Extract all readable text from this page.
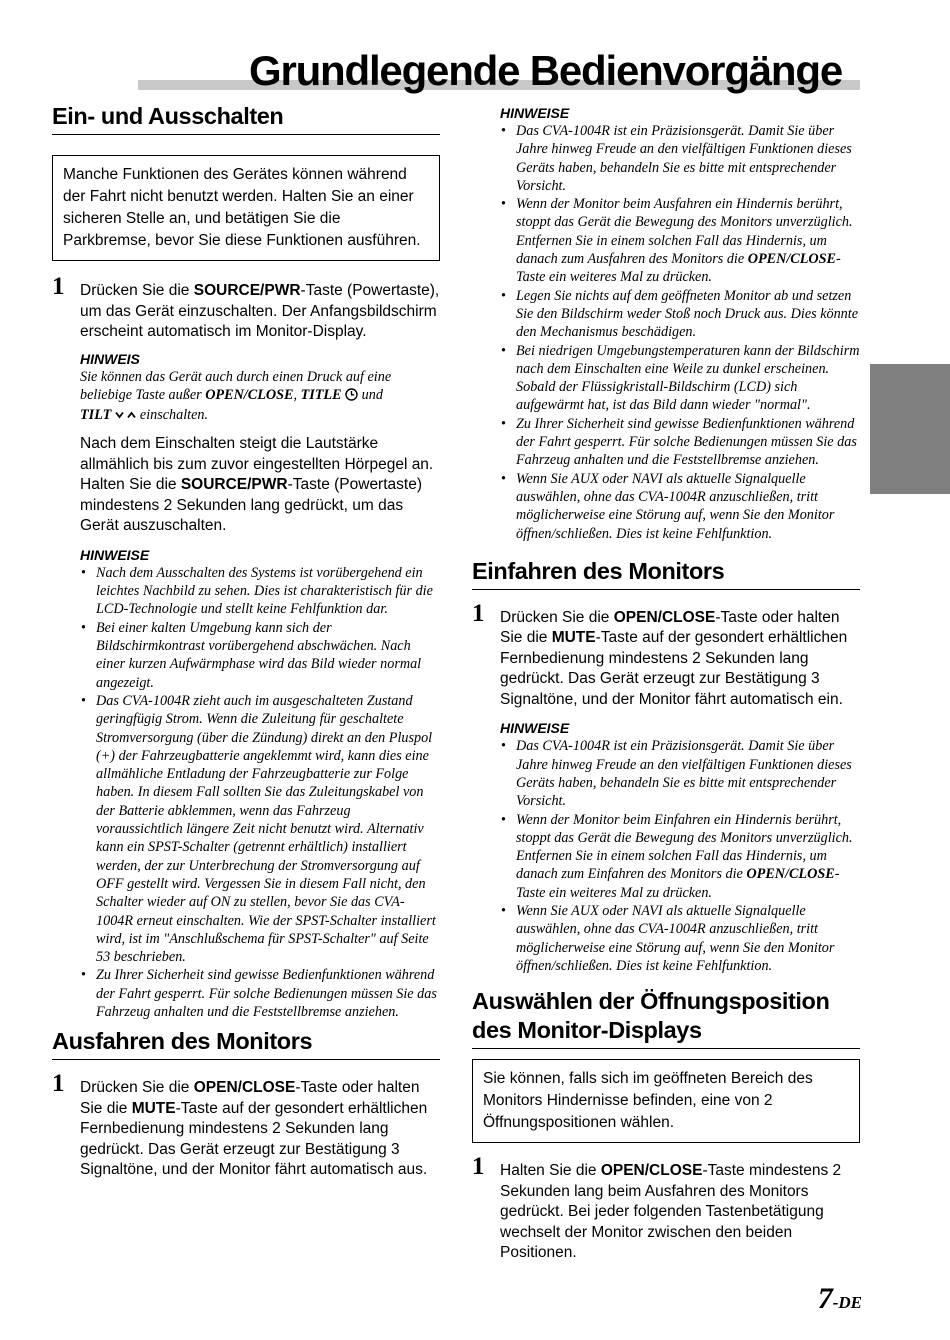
Grundlegende Bedienvorgänge
Ein- und Ausschalten
Manche Funktionen des Gerätes können während der Fahrt nicht benutzt werden. Halten Sie an einer sicheren Stelle an, und betätigen Sie die Parkbremse, bevor Sie diese Funktionen ausführen.
1 Drücken Sie die SOURCE/PWR-Taste (Powertaste), um das Gerät einzuschalten. Der Anfangsbildschirm erscheint automatisch im Monitor-Display.
HINWEIS
Sie können das Gerät auch durch einen Druck auf eine beliebige Taste außer OPEN/CLOSE, TITLE  und
TILT   einschalten.
Nach dem Einschalten steigt die Lautstärke allmählich bis zum zuvor eingestellten Hörpegel an. Halten Sie die SOURCE/PWR-Taste (Powertaste) mindestens 2 Sekunden lang gedrückt, um das Gerät auszuschalten.
HINWEISE
• Nach dem Ausschalten des Systems ist vorübergehend ein leichtes Nachbild zu sehen. Dies ist charakteristisch für die LCD-Technologie und stellt keine Fehlfunktion dar.
• Bei einer kalten Umgebung kann sich der Bildschirmkontrast vorübergehend abschwächen. Nach einer kurzen Aufwärmphase wird das Bild wieder normal angezeigt.
• Das CVA-1004R zieht auch im ausgeschalteten Zustand geringfügig Strom. Wenn die Zuleitung für geschaltete Stromversorgung (über die Zündung) direkt an den Pluspol (+) der Fahrzeugbatterie angeklemmt wird, kann dies eine allmähliche Entladung der Fahrzeugbatterie zur Folge haben. In diesem Fall sollten Sie das Zuleitungskabel von der Batterie abklemmen, wenn das Fahrzeug voraussichtlich längere Zeit nicht benutzt wird. Alternativ kann ein SPST-Schalter (getrennt erhältlich) installiert werden, der zur Unterbrechung der Stromversorgung auf OFF gestellt wird. Vergessen Sie in diesem Fall nicht, den Schalter wieder auf ON zu stellen, bevor Sie das CVA-1004R erneut einschalten. Wie der SPST-Schalter installiert wird, ist im "Anschlußschema für SPST-Schalter" auf Seite 53 beschrieben.
• Zu Ihrer Sicherheit sind gewisse Bedienfunktionen während der Fahrt gesperrt. Für solche Bedienungen müssen Sie das Fahrzeug anhalten und die Feststellbremse anziehen.
Ausfahren des Monitors
1 Drücken Sie die OPEN/CLOSE-Taste oder halten Sie die MUTE-Taste auf der gesondert erhältlichen Fernbedienung mindestens 2 Sekunden lang gedrückt. Das Gerät erzeugt zur Bestätigung 3 Signaltöne, und der Monitor fährt automatisch aus.
HINWEISE
• Das CVA-1004R ist ein Präzisionsgerät. Damit Sie über Jahre hinweg Freude an den vielfältigen Funktionen dieses Geräts haben, behandeln Sie es bitte mit entsprechender Vorsicht.
• Wenn der Monitor beim Ausfahren ein Hindernis berührt, stoppt das Gerät die Bewegung des Monitors unverzüglich. Entfernen Sie in einem solchen Fall das Hindernis, um danach zum Ausfahren des Monitors die OPEN/CLOSE-Taste ein weiteres Mal zu drücken.
• Legen Sie nichts auf dem geöffneten Monitor ab und setzen Sie den Bildschirm weder Stoß noch Druck aus. Dies könnte den Mechanismus beschädigen.
• Bei niedrigen Umgebungstemperaturen kann der Bildschirm nach dem Einschalten eine Weile zu dunkel erscheinen. Sobald der Flüssigkristall-Bildschirm (LCD) sich aufgewärmt hat, ist das Bild dann wieder "normal".
• Zu Ihrer Sicherheit sind gewisse Bedienfunktionen während der Fahrt gesperrt. Für solche Bedienungen müssen Sie das Fahrzeug anhalten und die Feststellbremse anziehen.
• Wenn Sie AUX oder NAVI als aktuelle Signalquelle auswählen, ohne das CVA-1004R anzuschließen, tritt möglicherweise eine Störung auf, wenn Sie den Monitor öffnen/schließen. Dies ist keine Fehlfunktion.
Einfahren des Monitors
1 Drücken Sie die OPEN/CLOSE-Taste oder halten Sie die MUTE-Taste auf der gesondert erhältlichen Fernbedienung mindestens 2 Sekunden lang gedrückt. Das Gerät erzeugt zur Bestätigung 3 Signaltöne, und der Monitor fährt automatisch ein.
HINWEISE
• Das CVA-1004R ist ein Präzisionsgerät. Damit Sie über Jahre hinweg Freude an den vielfältigen Funktionen dieses Geräts haben, behandeln Sie es bitte mit entsprechender Vorsicht.
• Wenn der Monitor beim Einfahren ein Hindernis berührt, stoppt das Gerät die Bewegung des Monitors unverzüglich. Entfernen Sie in einem solchen Fall das Hindernis, um danach zum Einfahren des Monitors die OPEN/CLOSE-Taste ein weiteres Mal zu drücken.
• Wenn Sie AUX oder NAVI als aktuelle Signalquelle auswählen, ohne das CVA-1004R anzuschließen, tritt möglicherweise eine Störung auf, wenn Sie den Monitor öffnen/schließen. Dies ist keine Fehlfunktion.
Auswählen der Öffnungsposition des Monitor-Displays
Sie können, falls sich im geöffneten Bereich des Monitors Hindernisse befinden, eine von 2 Öffnungspositionen wählen.
1 Halten Sie die OPEN/CLOSE-Taste mindestens 2 Sekunden lang beim Ausfahren des Monitors gedrückt. Bei jeder folgenden Tastenbetätigung wechselt der Monitor zwischen den beiden Positionen.
7-DE
